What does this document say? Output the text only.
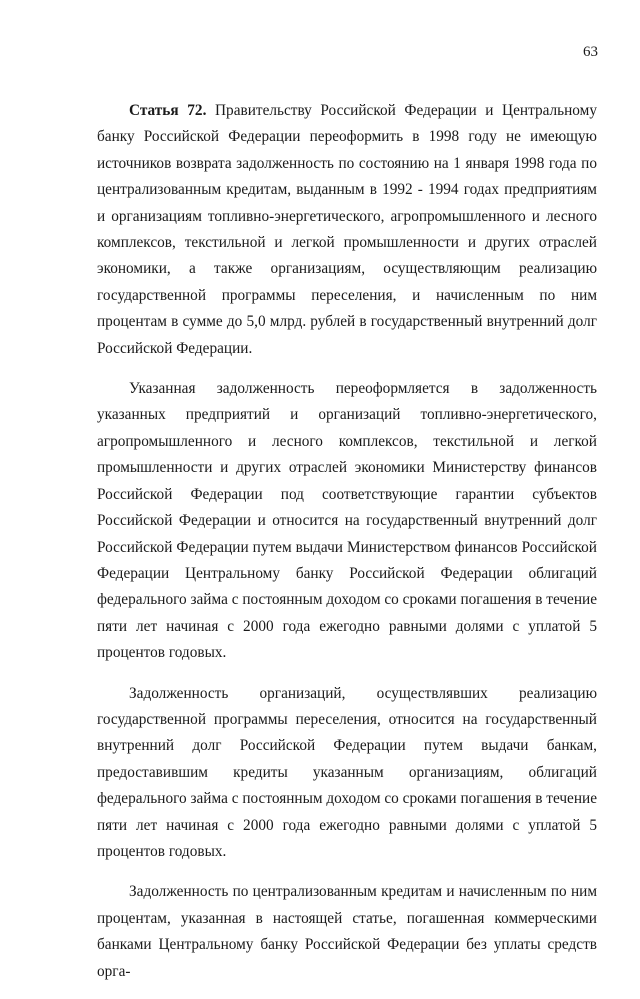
63

Статья 72. Правительству Российской Федерации и Центральному банку Российской Федерации переоформить в 1998 году не имеющую источников возврата задолженность по состоянию на 1 января 1998 года по централизованным кредитам, выданным в 1992 - 1994 годах предприятиям и организациям топливно-энергетического, агропромышленного и лесного комплексов, текстильной и легкой промышленности и других отраслей экономики, а также организациям, осуществляющим реализацию государственной программы переселения, и начисленным по ним процентам в сумме до 5,0 млрд. рублей в государственный внутренний долг Российской Федерации.

Указанная задолженность переоформляется в задолженность указанных предприятий и организаций топливно-энергетического, агропромышленного и лесного комплексов, текстильной и легкой промышленности и других отраслей экономики Министерству финансов Российской Федерации под соответствующие гарантии субъектов Российской Федерации и относится на государственный внутренний долг Российской Федерации путем выдачи Министерством финансов Российской Федерации Центральному банку Российской Федерации облигаций федерального займа с постоянным доходом со сроками погашения в течение пяти лет начиная с 2000 года ежегодно равными долями с уплатой 5 процентов годовых.

Задолженность организаций, осуществлявших реализацию государственной программы переселения, относится на государственный внутренний долг Российской Федерации путем выдачи банкам, предоставившим кредиты указанным организациям, облигаций федерального займа с постоянным доходом со сроками погашения в течение пяти лет начиная с 2000 года ежегодно равными долями с уплатой 5 процентов годовых.

Задолженность по централизованным кредитам и начисленным по ним процентам, указанная в настоящей статье, погашенная коммерческими банками Центральному банку Российской Федерации без уплаты средств орга-
